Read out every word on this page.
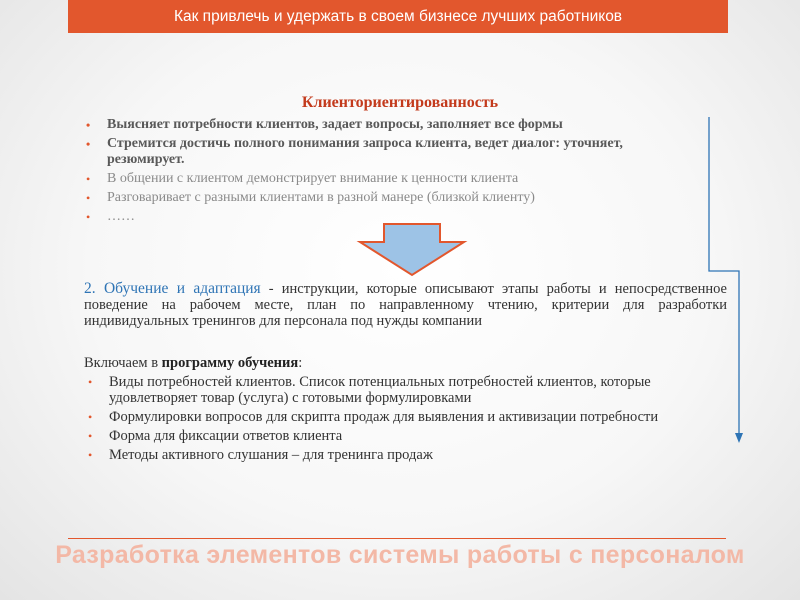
Как привлечь и удержать в своем бизнесе лучших работников
Клиенториентированность
• Выясняет потребности клиентов, задает вопросы, заполняет все формы
• Стремится достичь полного понимания запроса клиента, ведет диалог: уточняет, резюмирует.
• В общении с клиентом демонстрирует внимание к ценности клиента
• Разговаривает с разными клиентами в разной манере (близкой клиенту)
• ……
2. Обучение и адаптация - инструкции, которые описывают этапы работы и непосредственное поведение на рабочем месте, план по направленному чтению, критерии для разработки индивидуальных тренингов для персонала под нужды компании
Включаем в программу обучения:
• Виды потребностей клиентов. Список потенциальных потребностей клиентов, которые удовлетворяет товар (услуга) с готовыми формулировками
• Формулировки вопросов для скрипта продаж для выявления и активизации потребности
• Форма для фиксации ответов клиента
• Методы активного слушания – для тренинга продаж
Разработка элементов системы работы с персоналом
